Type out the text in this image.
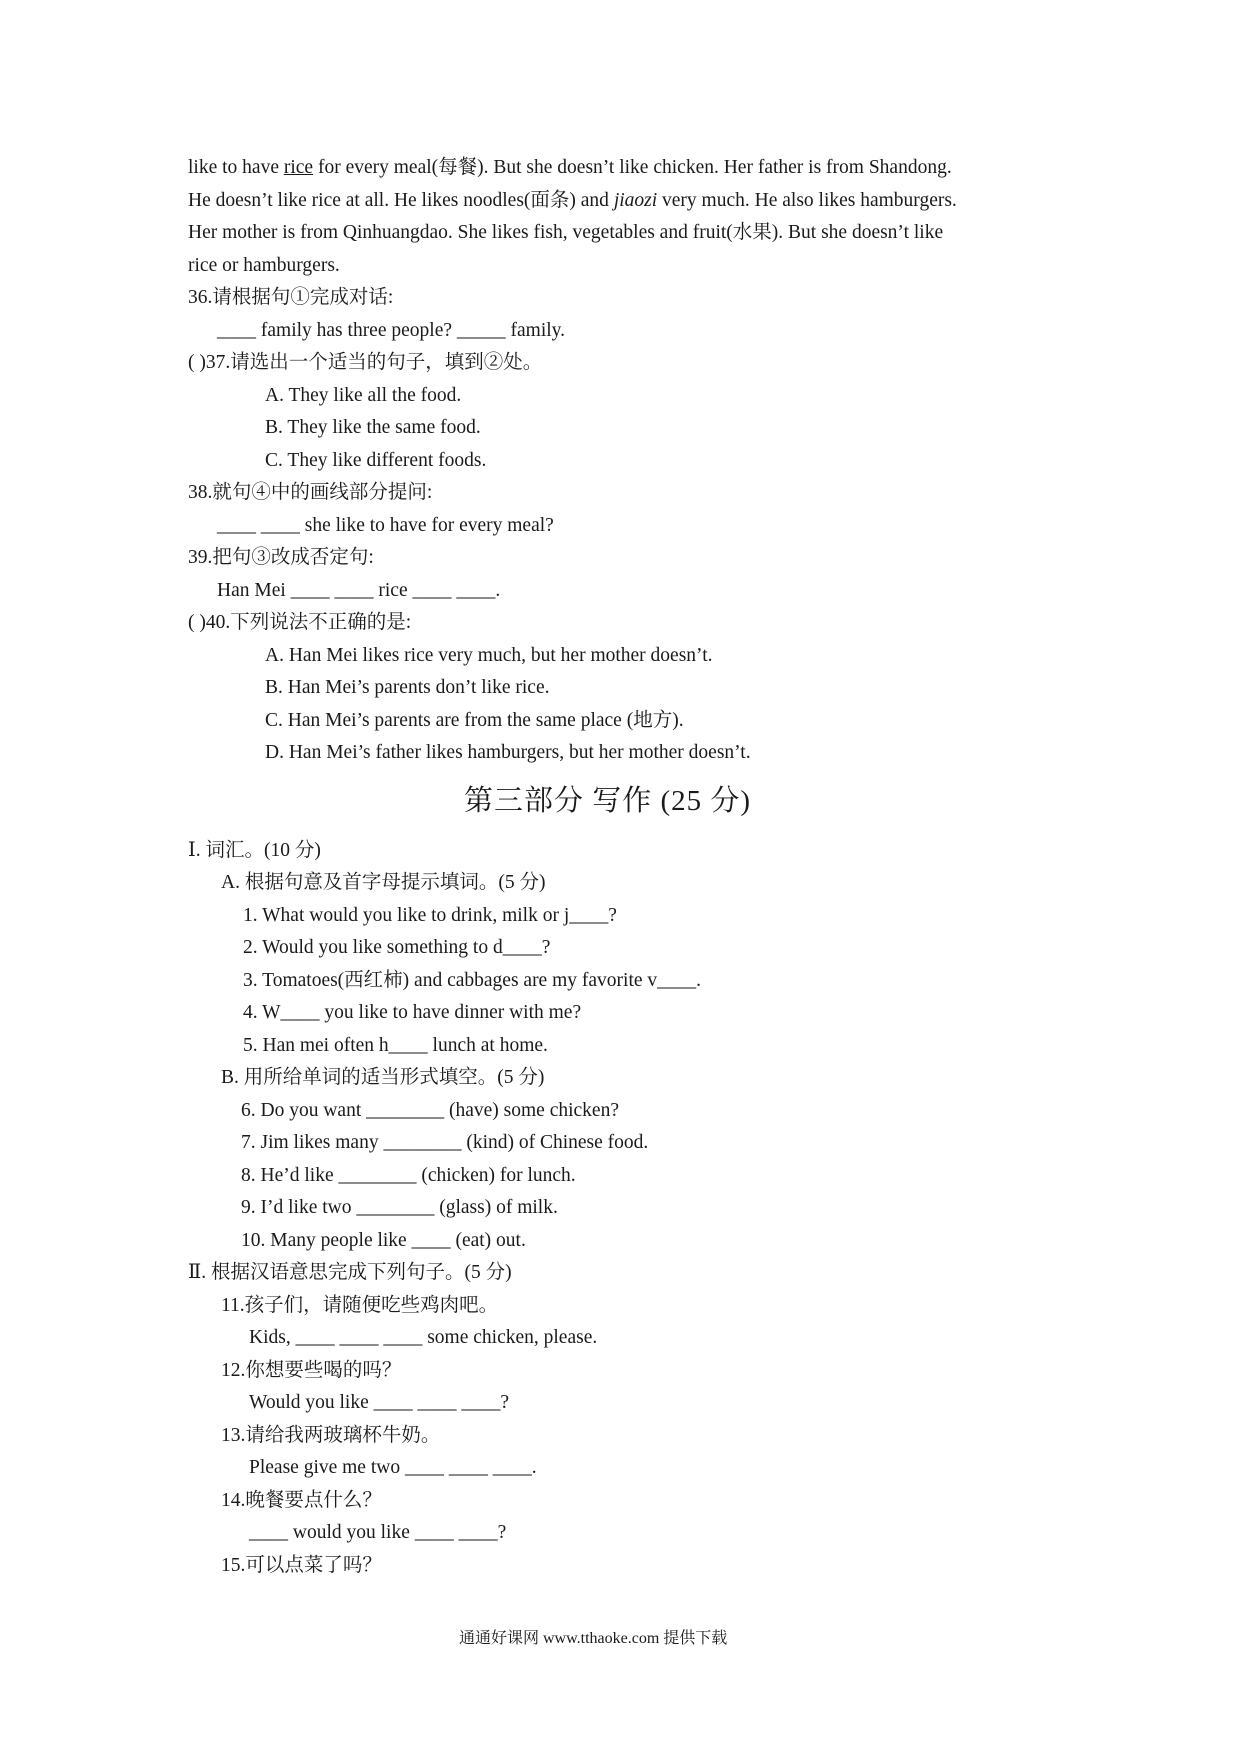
like to have rice for every meal(每餐). But she doesn’t like chicken. Her father is from Shandong.
He doesn’t like rice at all. He likes noodles(面条) and jiaozi very much. He also likes hamburgers.
Her mother is from Qinhuangdao. She likes fish, vegetables and fruit(水果). But she doesn’t like
rice or hamburgers.
36.请根据句①完成对话:
____ family has three people? _____ family.
( )37.请选出一个适当的句子，填到②处。
A. They like all the food.
B. They like the same food.
C. They like different foods.
38.就句④中的画线部分提问:
____ ____ she like to have for every meal?
39.把句③改成否定句:
Han Mei ____ ____ rice ____ ____.
( )40.下列说法不正确的是:
A. Han Mei likes rice very much, but her mother doesn’t.
B. Han Mei’s parents don’t like rice.
C. Han Mei’s parents are from the same place (地方).
D. Han Mei’s father likes hamburgers, but her mother doesn’t.
第三部分 写作 (25 分)
Ⅰ. 词汇。(10 分)
A. 根据句意及首字母提示填词。(5 分)
1. What would you like to drink, milk or j____?
2. Would you like something to d____?
3. Tomatoes(西红柿) and cabbages are my favorite v____.
4. W____ you like to have dinner with me?
5. Han mei often h____ lunch at home.
B. 用所给单词的适当形式填空。(5 分)
6. Do you want ________ (have) some chicken?
7. Jim likes many ________ (kind) of Chinese food.
8. He’d like ________ (chicken) for lunch.
9. I’d like two ________ (glass) of milk.
10. Many people like ____ (eat) out.
Ⅱ. 根据汉语意思完成下列句子。(5 分)
11.孩子们，请随便吃些鸡肉吧。
Kids, ____ ____ ____ some chicken, please.
12.你想要些喝的吗？
Would you like ____ ____ ____?
13.请给我两玻璃杯牛奶。
Please give me two ____ ____ ____.
14.晚餐要点什么？
____ would you like ____ ____?
15.可以点菜了吗？
通通好课网 www.tthaoke.com 提供下载
